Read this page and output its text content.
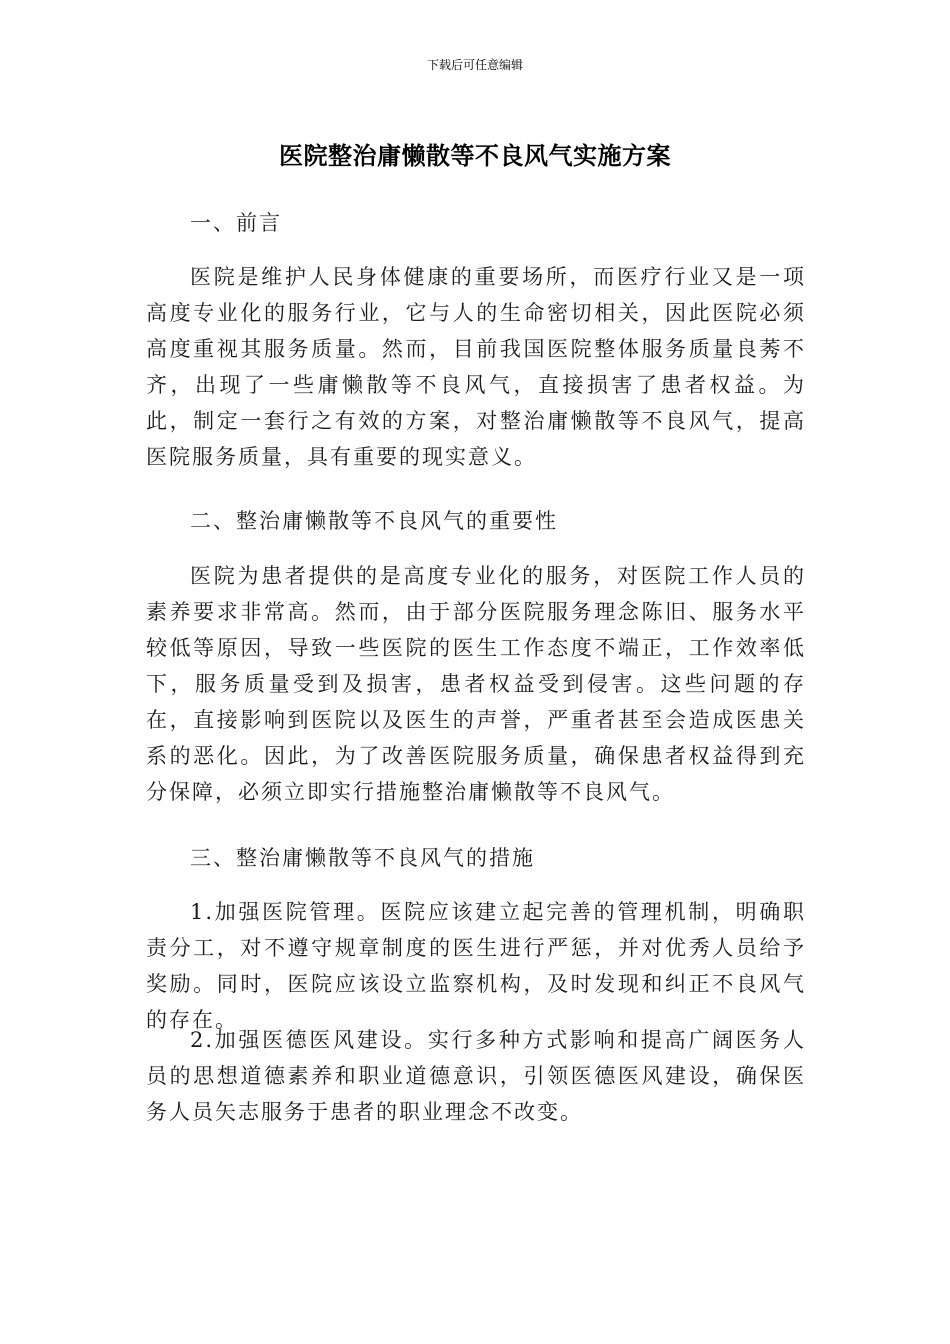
下载后可任意编辑
医院整治庸懒散等不良风气实施方案
一、前言

医院是维护人民身体健康的重要场所，而医疗行业又是一项高度专业化的服务行业，它与人的生命密切相关，因此医院必须高度重视其服务质量。然而，目前我国医院整体服务质量良莠不齐，出现了一些庸懒散等不良风气，直接损害了患者权益。为此，制定一套行之有效的方案，对整治庸懒散等不良风气，提高医院服务质量，具有重要的现实意义。

二、整治庸懒散等不良风气的重要性

医院为患者提供的是高度专业化的服务，对医院工作人员的素养要求非常高。然而，由于部分医院服务理念陈旧、服务水平较低等原因，导致一些医院的医生工作态度不端正，工作效率低下，服务质量受到及损害，患者权益受到侵害。这些问题的存在，直接影响到医院以及医生的声誉，严重者甚至会造成医患关系的恶化。因此，为了改善医院服务质量，确保患者权益得到充分保障，必须立即实行措施整治庸懒散等不良风气。

三、整治庸懒散等不良风气的措施

1.加强医院管理。医院应该建立起完善的管理机制，明确职责分工，对不遵守规章制度的医生进行严惩，并对优秀人员给予奖励。同时，医院应该设立监察机构，及时发现和纠正不良风气的存在。

2.加强医德医风建设。实行多种方式影响和提高广阔医务人员的思想道德素养和职业道德意识，引领医德医风建设，确保医务人员矢志服务于患者的职业理念不改变。
